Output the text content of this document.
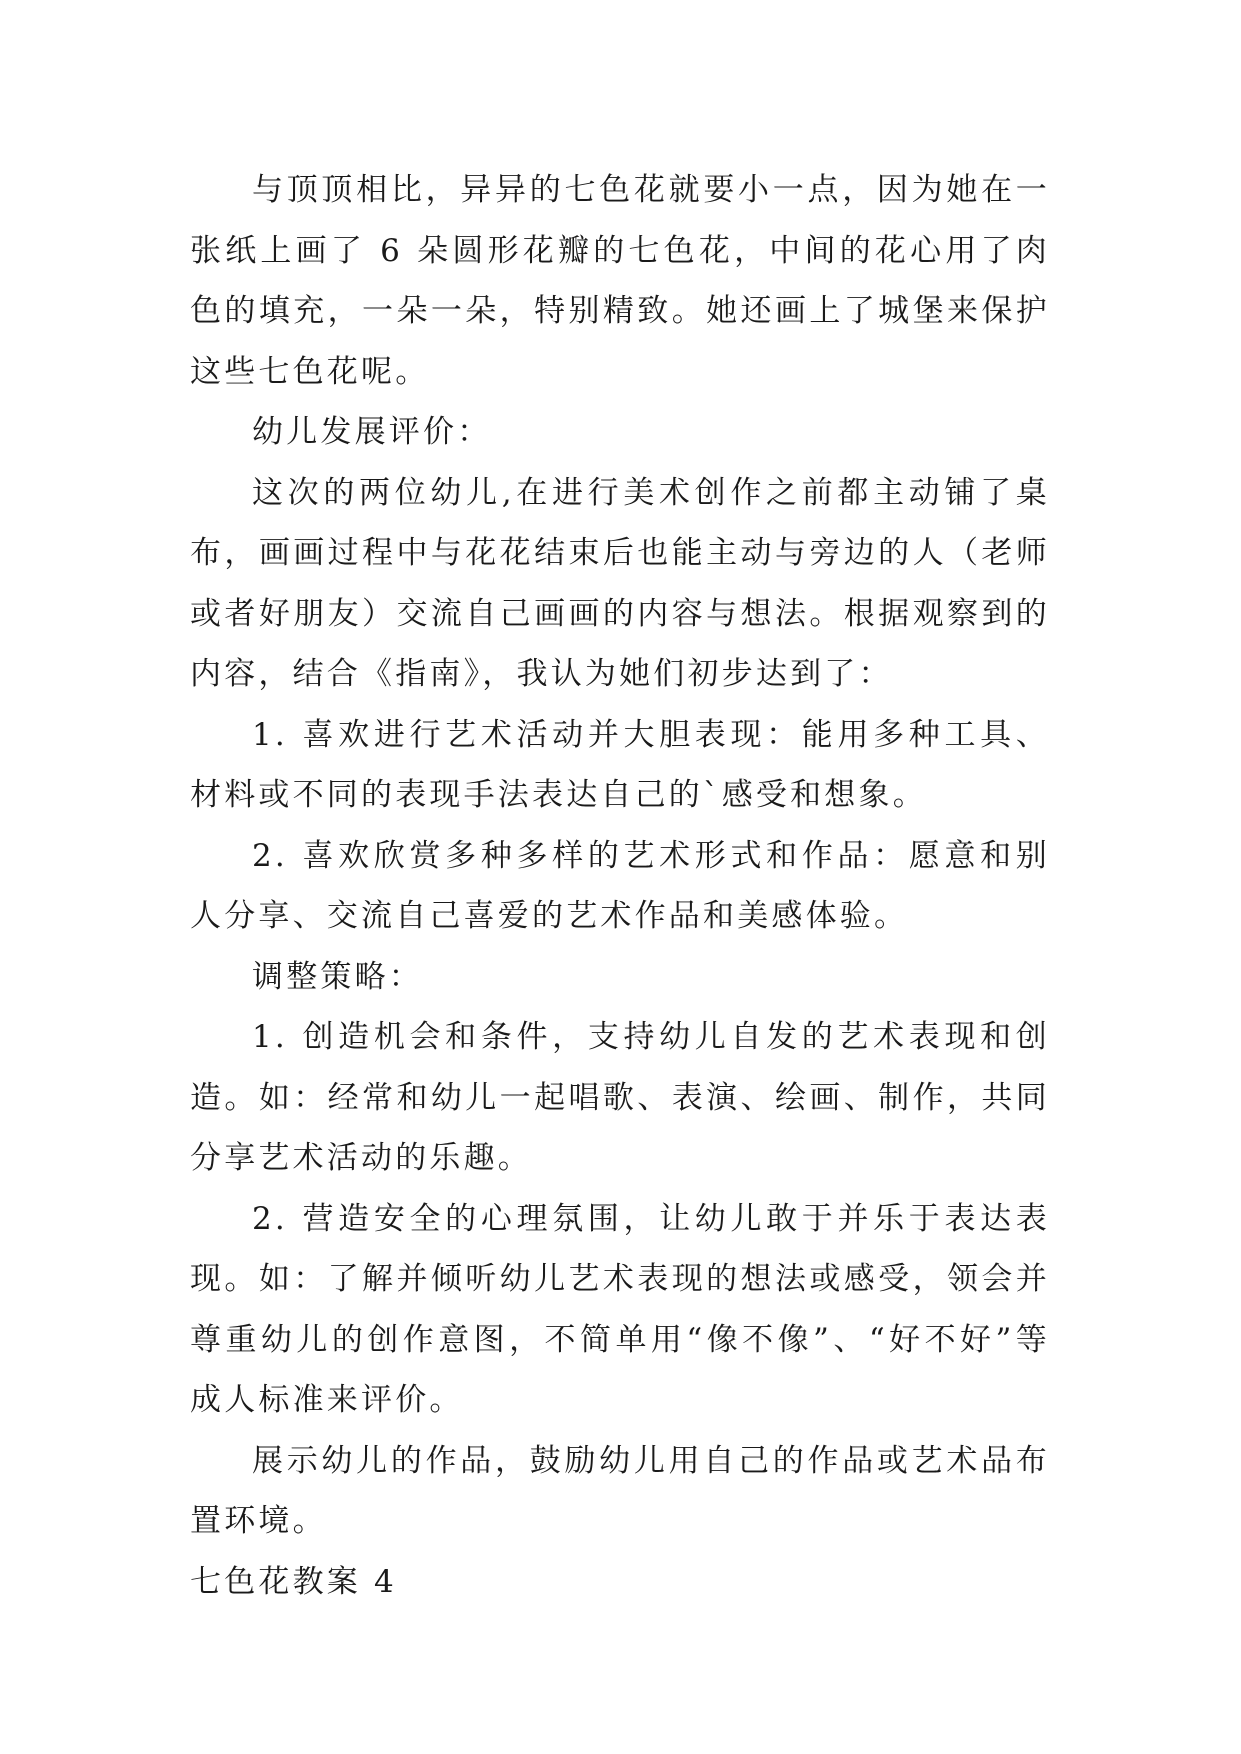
与顶顶相比，异异的七色花就要小一点，因为她在一张纸上画了 6 朵圆形花瓣的七色花，中间的花心用了肉色的填充，一朵一朵，特别精致。她还画上了城堡来保护这些七色花呢。

幼儿发展评价：

这次的两位幼儿,在进行美术创作之前都主动铺了桌布，画画过程中与花花结束后也能主动与旁边的人（老师或者好朋友）交流自己画画的内容与想法。根据观察到的内容，结合《指南》，我认为她们初步达到了：

1. 喜欢进行艺术活动并大胆表现：能用多种工具、材料或不同的表现手法表达自己的`感受和想象。

2. 喜欢欣赏多种多样的艺术形式和作品：愿意和别人分享、交流自己喜爱的艺术作品和美感体验。

调整策略：

1. 创造机会和条件，支持幼儿自发的艺术表现和创造。如：经常和幼儿一起唱歌、表演、绘画、制作，共同分享艺术活动的乐趣。

2. 营造安全的心理氛围，让幼儿敢于并乐于表达表现。如：了解并倾听幼儿艺术表现的想法或感受，领会并尊重幼儿的创作意图，不简单用“像不像”、“好不好”等成人标准来评价。

展示幼儿的作品，鼓励幼儿用自己的作品或艺术品布置环境。

七色花教案 4
